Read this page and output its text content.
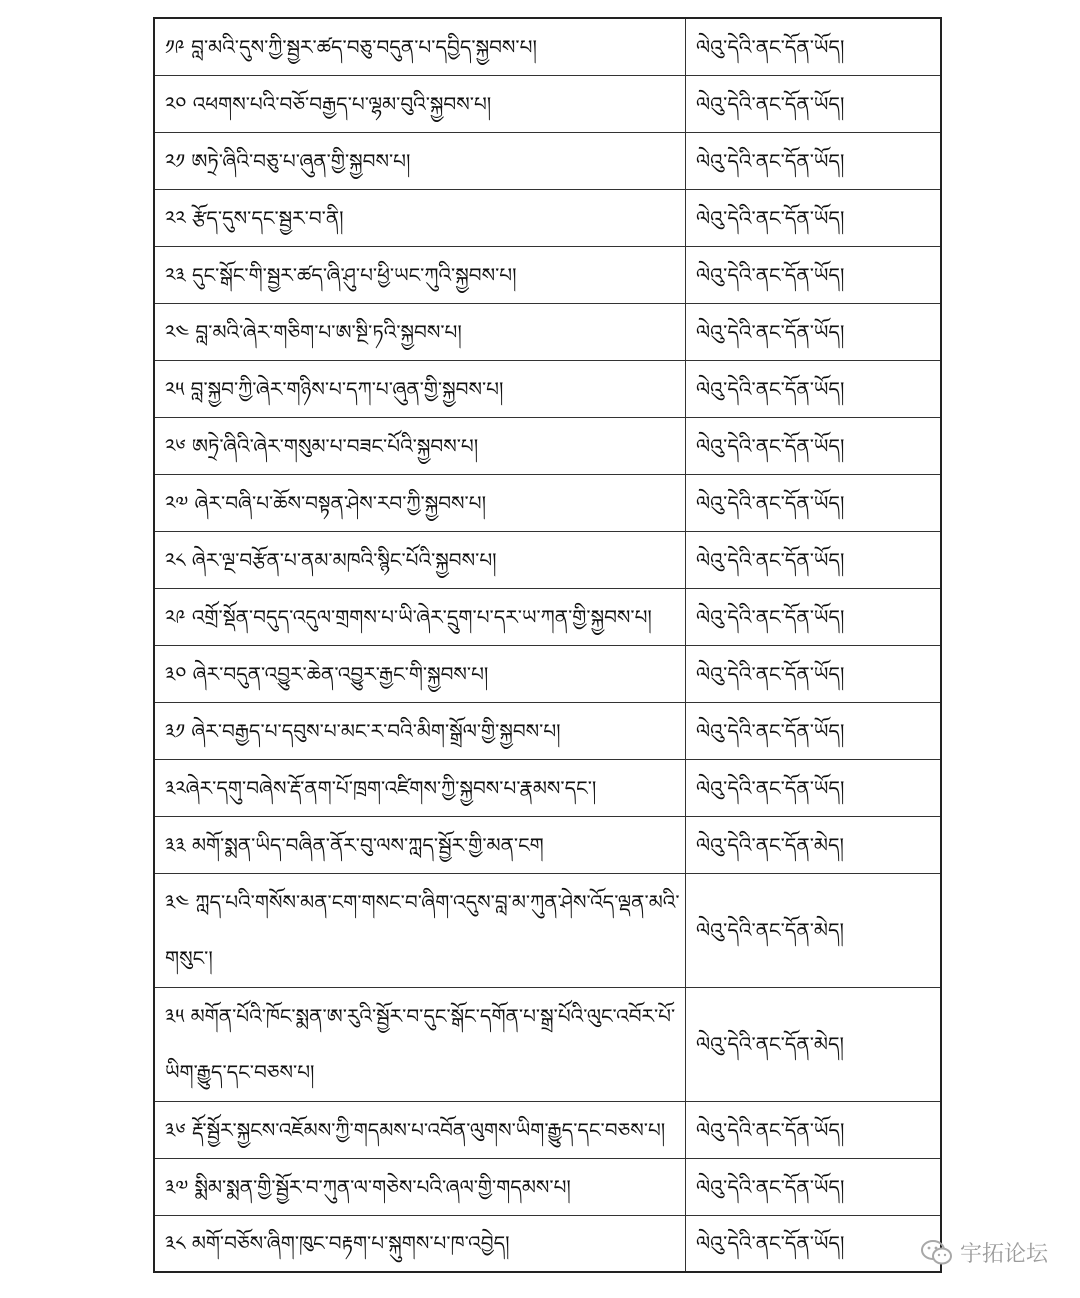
༡༩ བླ་མའི་དུས་ཀྱི་སྦྱར་ཚད་བཅུ་བདུན་པ་དབྱིད་སྐྱབས་པ།	ལེའུ་དེའི་ནང་དོན་ཡོད།
༢༠ འཕགས་པའི་བཅོ་བརྒྱད་པ་ལྷམ་བུའི་སྐྱབས་པ།	ལེའུ་དེའི་ནང་དོན་ཡོད།
༢༡ ཨཏྲེ་ཞིའི་བཅུ་པ་ཞུན་གྱི་སྐྱབས་པ།	ལེའུ་དེའི་ནང་དོན་ཡོད།
༢༢ རྩོད་དུས་དང་སྦྱར་བ་ནི།	ལེའུ་དེའི་ནང་དོན་ཡོད།
༢༣ དུང་སྒོང་གི་སྦྱར་ཚད་ཞི་ཤུ་པ་ཕྱི་ཡང་ཀུའི་སྐྱབས་པ།	ལེའུ་དེའི་ནང་དོན་ཡོད།
༢༤ བླ་མའི་ཞེར་གཅིག་པ་ཨ་སྔི་ཏའི་སྐྱབས་པ།	ལེའུ་དེའི་ནང་དོན་ཡོད།
༢༥ བླ་སྐྱབ་ཀྱི་ཞེར་གཉིས་པ་དཀ་པ་ཞུན་གྱི་སྐྱབས་པ།	ལེའུ་དེའི་ནང་དོན་ཡོད།
༢༦ ཨཏྲེ་ཞིའི་ཞེར་གསུམ་པ་བཟང་པོའི་སྐྱབས་པ།	ལེའུ་དེའི་ནང་དོན་ཡོད།
༢༧ ཞེར་བཞི་པ་ཆོས་བསྟན་ཤེས་རབ་ཀྱི་སྐྱབས་པ།	ལེའུ་དེའི་ནང་དོན་ཡོད།
༢༨ ཞེར་ལྔ་བརྩོན་པ་ནམ་མཁའི་སྙིང་པོའི་སྐྱབས་པ།	ལེའུ་དེའི་ནང་དོན་ཡོད།
༢༩ འགྲོ་སྡོན་བདུད་འདུལ་གྲགས་པ་ཡི་ཞེར་དྲུག་པ་དར་ཡ་ཀན་གྱི་སྐྱབས་པ།	ལེའུ་དེའི་ནང་དོན་ཡོད།
༣༠ ཞེར་བདུན་འབྱུར་ཆེན་འབྱུར་རྒྱང་གི་སྐྱབས་པ།	ལེའུ་དེའི་ནང་དོན་ཡོད།
༣༡ ཞེར་བརྒྱད་པ་དབུས་པ་མང་ར་བའི་མིག་སྒྲོལ་གྱི་སྐྱབས་པ།	ལེའུ་དེའི་ནང་དོན་ཡོད།
༣༢ཞེར་དགུ་བཞེས་རྡོ་ནག་པོ་ཁྲག་འཛིགས་ཀྱི་སྐྱབས་པ་རྣམས་དང་།	ལེའུ་དེའི་ནང་དོན་ཡོད།
༣༣ མགོ་སྨན་ཡིད་བཞིན་ནོར་བུ་ལས་ཀླད་སྦྱོར་གྱི་མན་ངག	ལེའུ་དེའི་ནང་དོན་མེད།
༣༤ ཀླད་པའི་གསོས་མན་ངག་གསང་བ་ཞིག་འདུས་བླ་མ་ཀུན་ཤེས་འོད་ལྡན་མའི་གསུང་།	ལེའུ་དེའི་ནང་དོན་མེད།
༣༥ མགོན་པོའི་ཁོང་སྨན་ཨ་རུའི་སྦྱོར་བ་དུང་སྒོང་དགོན་པ་སྒྲ་པོའི་ལུང་འབོར་པོ་ཡིག་རྒྱུད་དང་བཅས་པ།	ལེའུ་དེའི་ནང་དོན་མེད།
༣༦ རྡོ་སྦྱོར་སྐྱངས་འཇོམས་ཀྱི་གདམས་པ་འབོན་ལུགས་ཡིག་རྒྱུད་དང་བཅས་པ།	ལེའུ་དེའི་ནང་དོན་ཡོད།
༣༧ སྨིམ་སྨན་གྱི་སྦྱོར་བ་ཀུན་ལ་གཅེས་པའི་ཞལ་གྱི་གདམས་པ།	ལེའུ་དེའི་ནང་དོན་ཡོད།
༣༨ མགོ་བཅོས་ཞིག་ཁུང་བརྟག་པ་སྐུགས་པ་ཁ་འབྱེད།	ལེའུ་དེའི་ནང་དོན་ཡོད།	宇拓论坛
